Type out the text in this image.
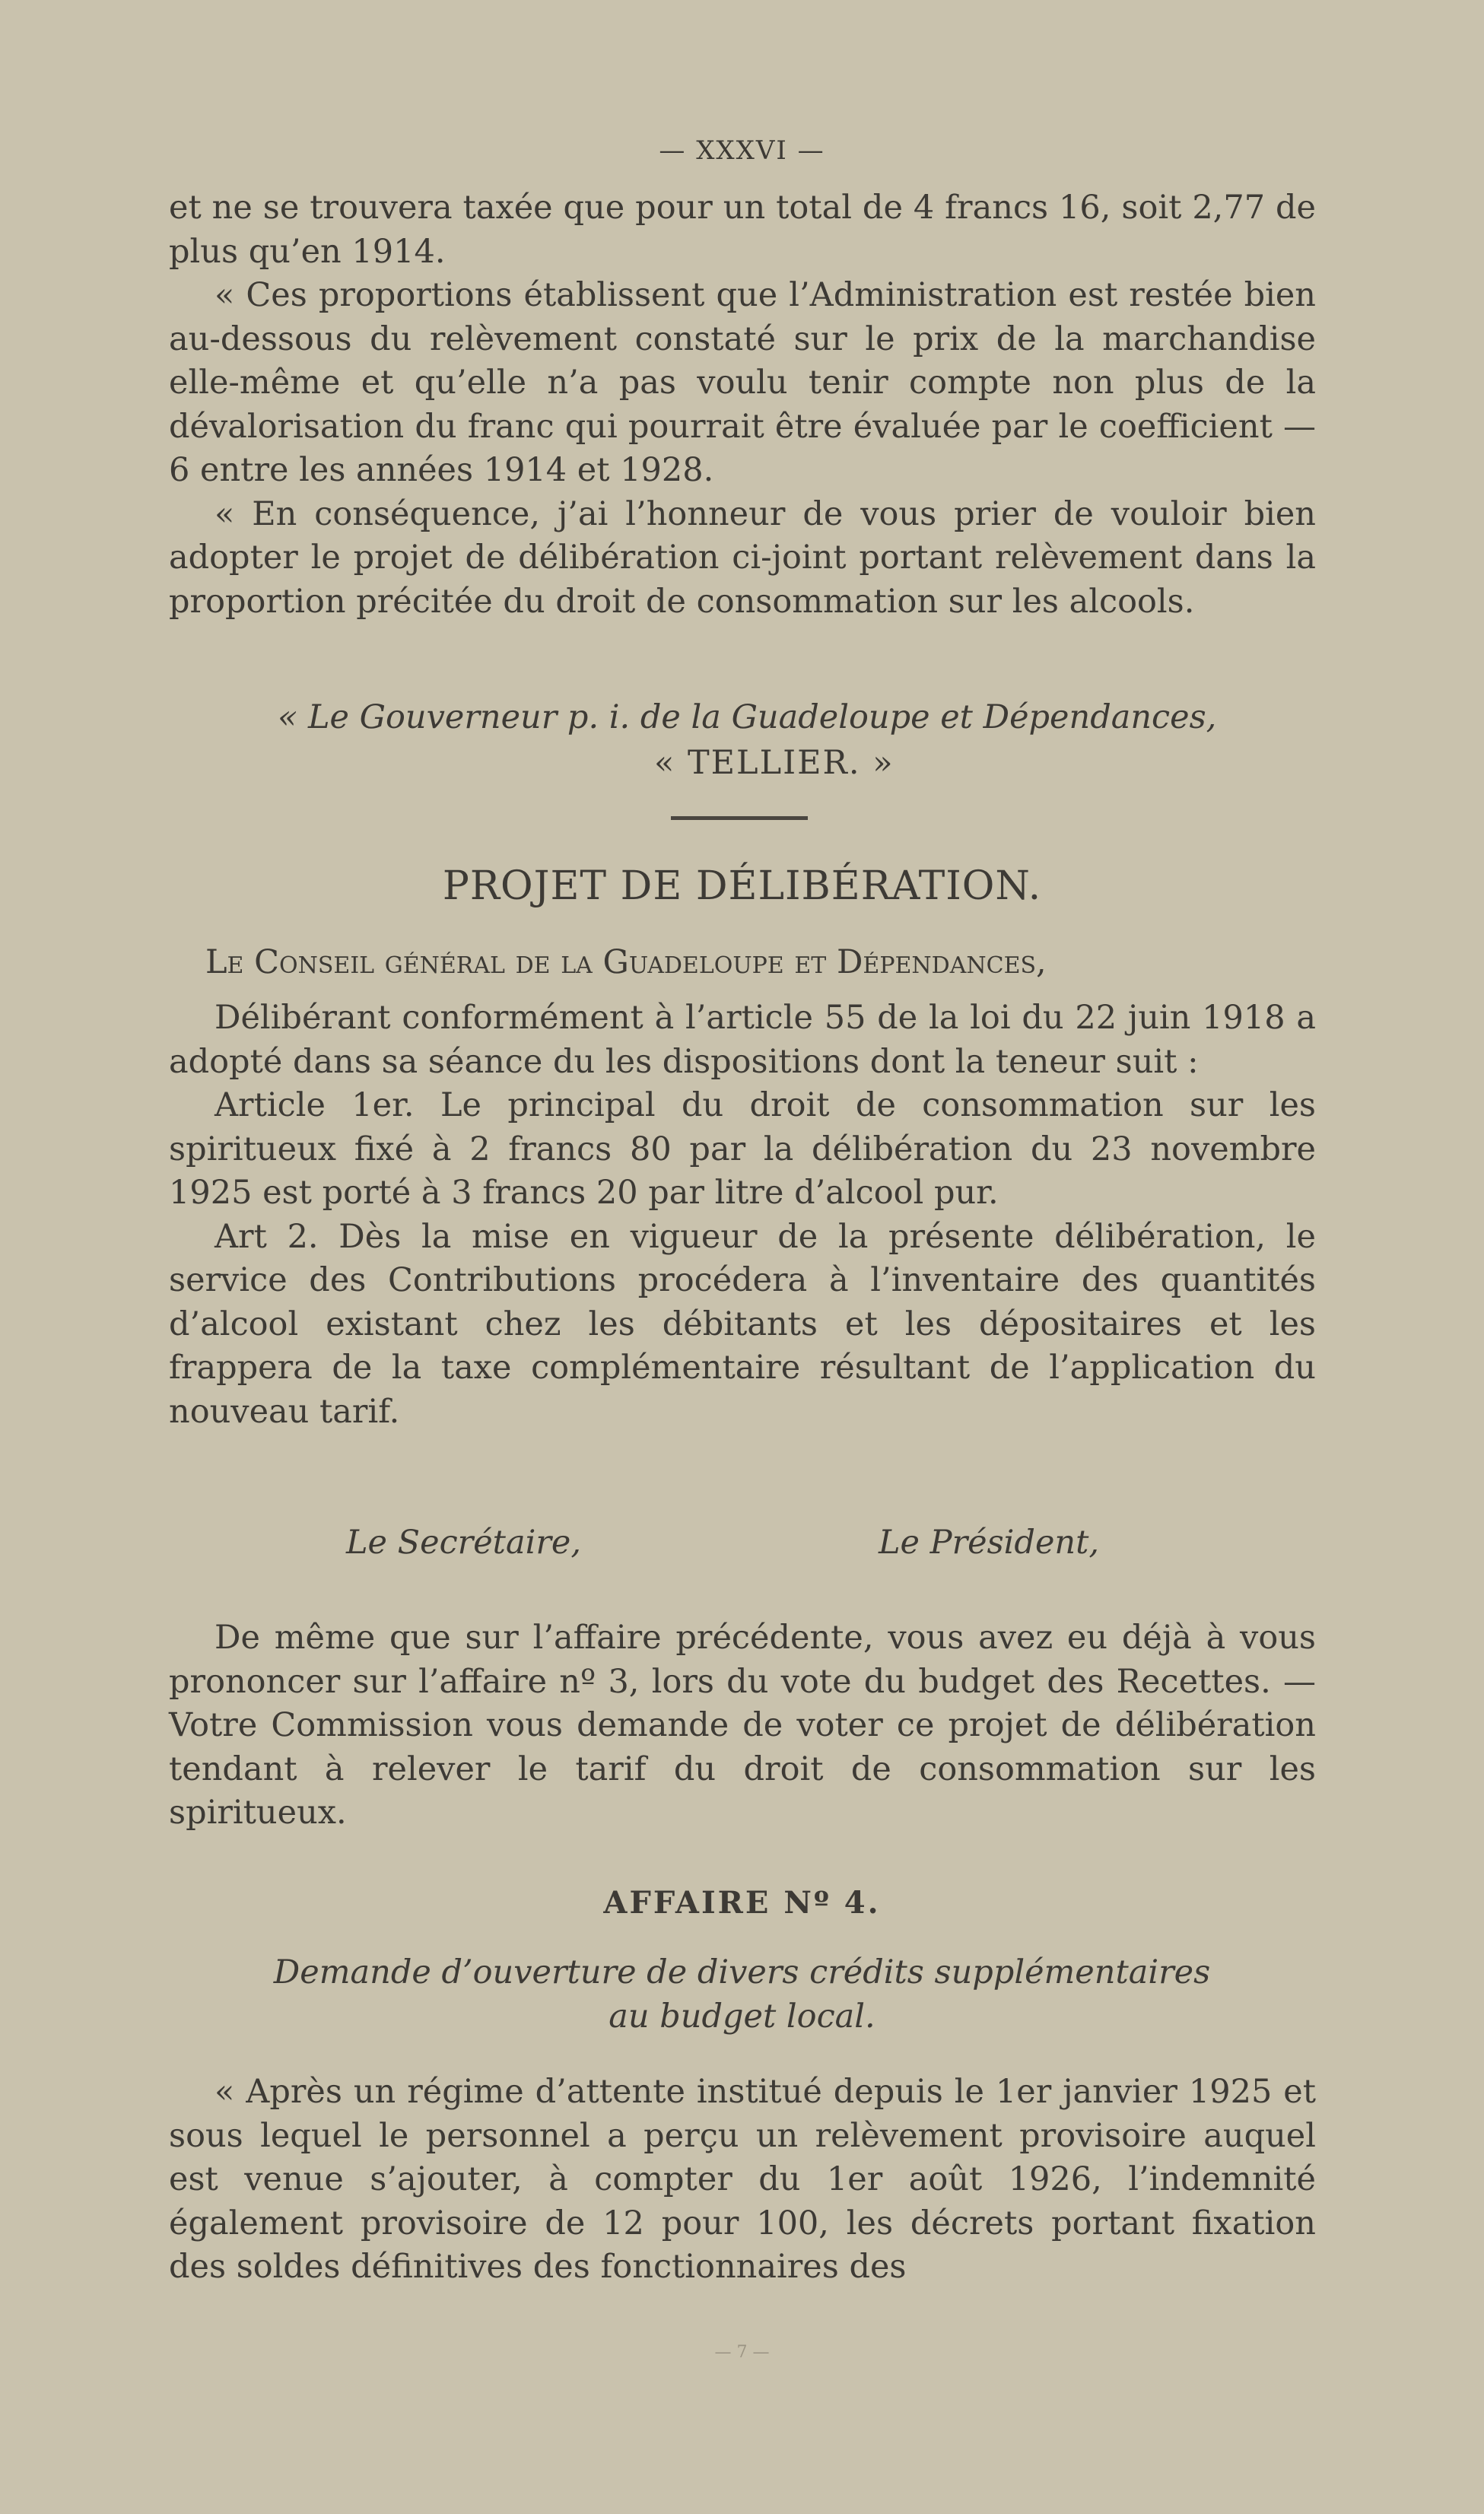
— XXXVI —

et ne se trouvera taxée que pour un total de 4 francs 16, soit 2,77 de plus qu’en 1914.

« Ces proportions établissent que l’Administration est restée bien au-dessous du relèvement constaté sur le prix de la marchandise elle-même et qu’elle n’a pas voulu tenir compte non plus de la dévalorisation du franc qui pourrait être évaluée par le coefficient — 6 entre les années 1914 et 1928.

« En conséquence, j’ai l’honneur de vous prier de vouloir bien adopter le projet de délibération ci-joint portant relèvement dans la proportion précitée du droit de consommation sur les alcools.

« Le Gouverneur p. i. de la Guadeloupe et Dépendances,
« TELLIER. »
PROJET DE DÉLIBÉRATION.
Le Conseil général de la Guadeloupe et Dépendances,

Délibérant conformément à l’article 55 de la loi du 22 juin 1918 a adopté dans sa séance du les dispositions dont la teneur suit :

Article 1er. Le principal du droit de consommation sur les spiritueux fixé à 2 francs 80 par la délibération du 23 novembre 1925 est porté à 3 francs 20 par litre d’alcool pur.

Art 2. Dès la mise en vigueur de la présente délibération, le service des Contributions procédera à l’inventaire des quantités d’alcool existant chez les débitants et les dépositaires et les frappera de la taxe complémentaire résultant de l’application du nouveau tarif.

Le Secrétaire,	Le Président,

De même que sur l’affaire précédente, vous avez eu déjà à vous prononcer sur l’affaire nº 3, lors du vote du budget des Recettes. — Votre Commission vous demande de voter ce projet de délibération tendant à relever le tarif du droit de consommation sur les spiritueux.

AFFAIRE Nº 4.
Demande d’ouverture de divers crédits supplémentaires
au budget local.

« Après un régime d’attente institué depuis le 1er janvier 1925 et sous lequel le personnel a perçu un relèvement provisoire auquel est venue s’ajouter, à compter du 1er août 1926, l’indemnité également provisoire de 12 pour 100, les décrets portant fixation des soldes définitives des fonctionnaires des

— 7 —
